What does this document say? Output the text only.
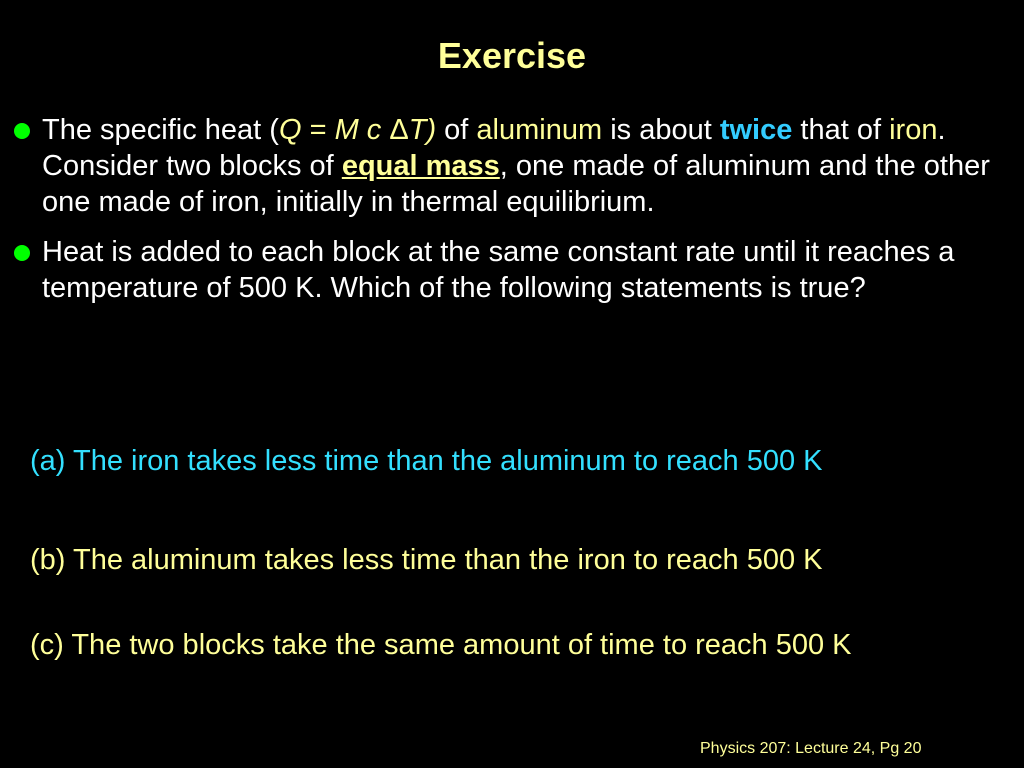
Exercise
The specific heat (Q = M c ΔT) of aluminum is about twice that of iron. Consider two blocks of equal mass, one made of aluminum and the other one made of iron, initially in thermal equilibrium.
Heat is added to each block at the same constant rate until it reaches a temperature of 500 K. Which of the following statements is true?
(a) The iron takes less time than the aluminum to reach 500 K
(b) The aluminum takes less time than the iron to reach 500 K
(c) The two blocks take the same amount of time to reach 500 K
Physics 207: Lecture 24, Pg 20
